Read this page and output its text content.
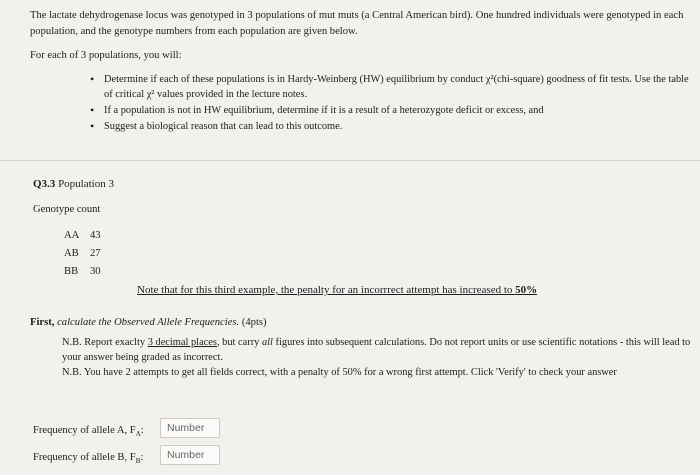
The lactate dehydrogenase locus was genotyped in 3 populations of mut muts (a Central American bird). One hundred individuals were genotyped in each population, and the genotype numbers from each population are given below.
For each of 3 populations, you will:
• Determine if each of these populations is in Hardy-Weinberg (HW) equilibrium by conduct χ²(chi-square) goodness of fit tests. Use the table of critical χ² values provided in the lecture notes.
• If a population is not in HW equilibrium, determine if it is a result of a heterozygote deficit or excess, and
• Suggest a biological reason that can lead to this outcome.
Q3.3 Population 3
Genotype count
AA 43
AB 27
BB 30
Note that for this third example, the penalty for an incorrrect attempt has increased to 50%
First, calculate the Observed Allele Frequencies. (4pts)
N.B. Report exaclty 3 decimal places, but carry all figures into subsequent calculations. Do not report units or use scientific notations - this will lead to your answer being graded as incorrect.
N.B. You have 2 attempts to get all fields correct, with a penalty of 50% for a wrong first attempt. Click 'Verify' to check your answer
Frequency of allele A, $F_A$:	Number
Frequency of allele B, $F_B$:	Number
